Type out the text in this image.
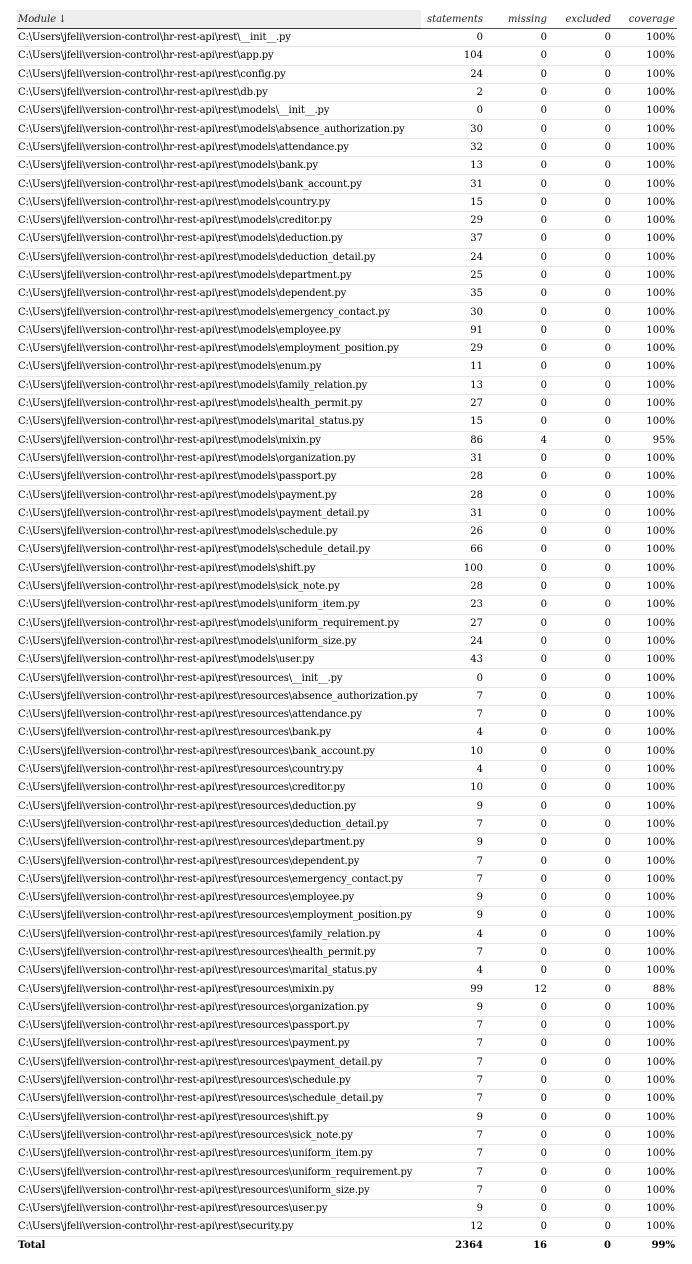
Module ↓	statements	missing	excluded	coverage
C:\Users\jfeli\version-control\hr-rest-api\rest\__init__.py	0	0	0	100%
C:\Users\jfeli\version-control\hr-rest-api\rest\app.py	104	0	0	100%
C:\Users\jfeli\version-control\hr-rest-api\rest\config.py	24	0	0	100%
C:\Users\jfeli\version-control\hr-rest-api\rest\db.py	2	0	0	100%
C:\Users\jfeli\version-control\hr-rest-api\rest\models\__init__.py	0	0	0	100%
C:\Users\jfeli\version-control\hr-rest-api\rest\models\absence_authorization.py	30	0	0	100%
C:\Users\jfeli\version-control\hr-rest-api\rest\models\attendance.py	32	0	0	100%
C:\Users\jfeli\version-control\hr-rest-api\rest\models\bank.py	13	0	0	100%
C:\Users\jfeli\version-control\hr-rest-api\rest\models\bank_account.py	31	0	0	100%
C:\Users\jfeli\version-control\hr-rest-api\rest\models\country.py	15	0	0	100%
C:\Users\jfeli\version-control\hr-rest-api\rest\models\creditor.py	29	0	0	100%
C:\Users\jfeli\version-control\hr-rest-api\rest\models\deduction.py	37	0	0	100%
C:\Users\jfeli\version-control\hr-rest-api\rest\models\deduction_detail.py	24	0	0	100%
C:\Users\jfeli\version-control\hr-rest-api\rest\models\department.py	25	0	0	100%
C:\Users\jfeli\version-control\hr-rest-api\rest\models\dependent.py	35	0	0	100%
C:\Users\jfeli\version-control\hr-rest-api\rest\models\emergency_contact.py	30	0	0	100%
C:\Users\jfeli\version-control\hr-rest-api\rest\models\employee.py	91	0	0	100%
C:\Users\jfeli\version-control\hr-rest-api\rest\models\employment_position.py	29	0	0	100%
C:\Users\jfeli\version-control\hr-rest-api\rest\models\enum.py	11	0	0	100%
C:\Users\jfeli\version-control\hr-rest-api\rest\models\family_relation.py	13	0	0	100%
C:\Users\jfeli\version-control\hr-rest-api\rest\models\health_permit.py	27	0	0	100%
C:\Users\jfeli\version-control\hr-rest-api\rest\models\marital_status.py	15	0	0	100%
C:\Users\jfeli\version-control\hr-rest-api\rest\models\mixin.py	86	4	0	95%
C:\Users\jfeli\version-control\hr-rest-api\rest\models\organization.py	31	0	0	100%
C:\Users\jfeli\version-control\hr-rest-api\rest\models\passport.py	28	0	0	100%
C:\Users\jfeli\version-control\hr-rest-api\rest\models\payment.py	28	0	0	100%
C:\Users\jfeli\version-control\hr-rest-api\rest\models\payment_detail.py	31	0	0	100%
C:\Users\jfeli\version-control\hr-rest-api\rest\models\schedule.py	26	0	0	100%
C:\Users\jfeli\version-control\hr-rest-api\rest\models\schedule_detail.py	66	0	0	100%
C:\Users\jfeli\version-control\hr-rest-api\rest\models\shift.py	100	0	0	100%
C:\Users\jfeli\version-control\hr-rest-api\rest\models\sick_note.py	28	0	0	100%
C:\Users\jfeli\version-control\hr-rest-api\rest\models\uniform_item.py	23	0	0	100%
C:\Users\jfeli\version-control\hr-rest-api\rest\models\uniform_requirement.py	27	0	0	100%
C:\Users\jfeli\version-control\hr-rest-api\rest\models\uniform_size.py	24	0	0	100%
C:\Users\jfeli\version-control\hr-rest-api\rest\models\user.py	43	0	0	100%
C:\Users\jfeli\version-control\hr-rest-api\rest\resources\__init__.py	0	0	0	100%
C:\Users\jfeli\version-control\hr-rest-api\rest\resources\absence_authorization.py	7	0	0	100%
C:\Users\jfeli\version-control\hr-rest-api\rest\resources\attendance.py	7	0	0	100%
C:\Users\jfeli\version-control\hr-rest-api\rest\resources\bank.py	4	0	0	100%
C:\Users\jfeli\version-control\hr-rest-api\rest\resources\bank_account.py	10	0	0	100%
C:\Users\jfeli\version-control\hr-rest-api\rest\resources\country.py	4	0	0	100%
C:\Users\jfeli\version-control\hr-rest-api\rest\resources\creditor.py	10	0	0	100%
C:\Users\jfeli\version-control\hr-rest-api\rest\resources\deduction.py	9	0	0	100%
C:\Users\jfeli\version-control\hr-rest-api\rest\resources\deduction_detail.py	7	0	0	100%
C:\Users\jfeli\version-control\hr-rest-api\rest\resources\department.py	9	0	0	100%
C:\Users\jfeli\version-control\hr-rest-api\rest\resources\dependent.py	7	0	0	100%
C:\Users\jfeli\version-control\hr-rest-api\rest\resources\emergency_contact.py	7	0	0	100%
C:\Users\jfeli\version-control\hr-rest-api\rest\resources\employee.py	9	0	0	100%
C:\Users\jfeli\version-control\hr-rest-api\rest\resources\employment_position.py	9	0	0	100%
C:\Users\jfeli\version-control\hr-rest-api\rest\resources\family_relation.py	4	0	0	100%
C:\Users\jfeli\version-control\hr-rest-api\rest\resources\health_permit.py	7	0	0	100%
C:\Users\jfeli\version-control\hr-rest-api\rest\resources\marital_status.py	4	0	0	100%
C:\Users\jfeli\version-control\hr-rest-api\rest\resources\mixin.py	99	12	0	88%
C:\Users\jfeli\version-control\hr-rest-api\rest\resources\organization.py	9	0	0	100%
C:\Users\jfeli\version-control\hr-rest-api\rest\resources\passport.py	7	0	0	100%
C:\Users\jfeli\version-control\hr-rest-api\rest\resources\payment.py	7	0	0	100%
C:\Users\jfeli\version-control\hr-rest-api\rest\resources\payment_detail.py	7	0	0	100%
C:\Users\jfeli\version-control\hr-rest-api\rest\resources\schedule.py	7	0	0	100%
C:\Users\jfeli\version-control\hr-rest-api\rest\resources\schedule_detail.py	7	0	0	100%
C:\Users\jfeli\version-control\hr-rest-api\rest\resources\shift.py	9	0	0	100%
C:\Users\jfeli\version-control\hr-rest-api\rest\resources\sick_note.py	7	0	0	100%
C:\Users\jfeli\version-control\hr-rest-api\rest\resources\uniform_item.py	7	0	0	100%
C:\Users\jfeli\version-control\hr-rest-api\rest\resources\uniform_requirement.py	7	0	0	100%
C:\Users\jfeli\version-control\hr-rest-api\rest\resources\uniform_size.py	7	0	0	100%
C:\Users\jfeli\version-control\hr-rest-api\rest\resources\user.py	9	0	0	100%
C:\Users\jfeli\version-control\hr-rest-api\rest\security.py	12	0	0	100%
Total	2364	16	0	99%
